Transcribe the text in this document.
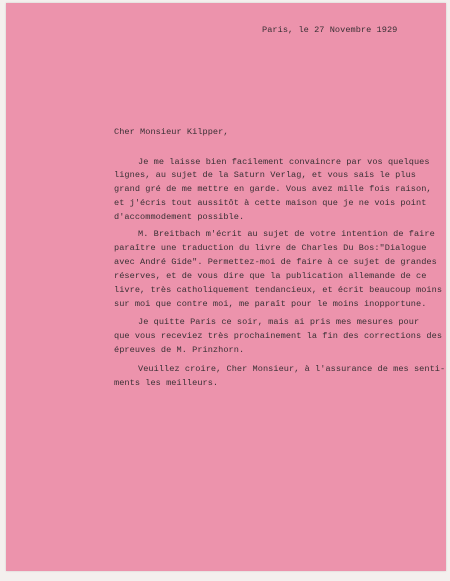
Paris, le 27 Novembre 1929
Cher Monsieur Kilpper,
Je me laisse bien facilement convaincre par vos quelques
lignes, au sujet de la Saturn Verlag, et vous sais le plus
grand gré de me mettre en garde. Vous avez mille fois raison,
et j'écris tout aussitôt à cette maison que je ne vois point
d'accommodement possible.
M. Breitbach m'écrit au sujet de votre intention de faire
paraître une traduction du livre de Charles Du Bos:"Dialogue
avec André Gide". Permettez-moi de faire à ce sujet de grandes
réserves, et de vous dire que la publication allemande de ce
livre, très catholiquement tendancieux, et écrit beaucoup moins
sur moi que contre moi, me paraît pour le moins inopportune.
Je quitte Paris ce soir, mais ai pris mes mesures pour
que vous receviez très prochainement la fin des corrections des
épreuves de M. Prinzhorn.
Veuillez croire, Cher Monsieur, à l'assurance de mes senti-
ments les meilleurs.
